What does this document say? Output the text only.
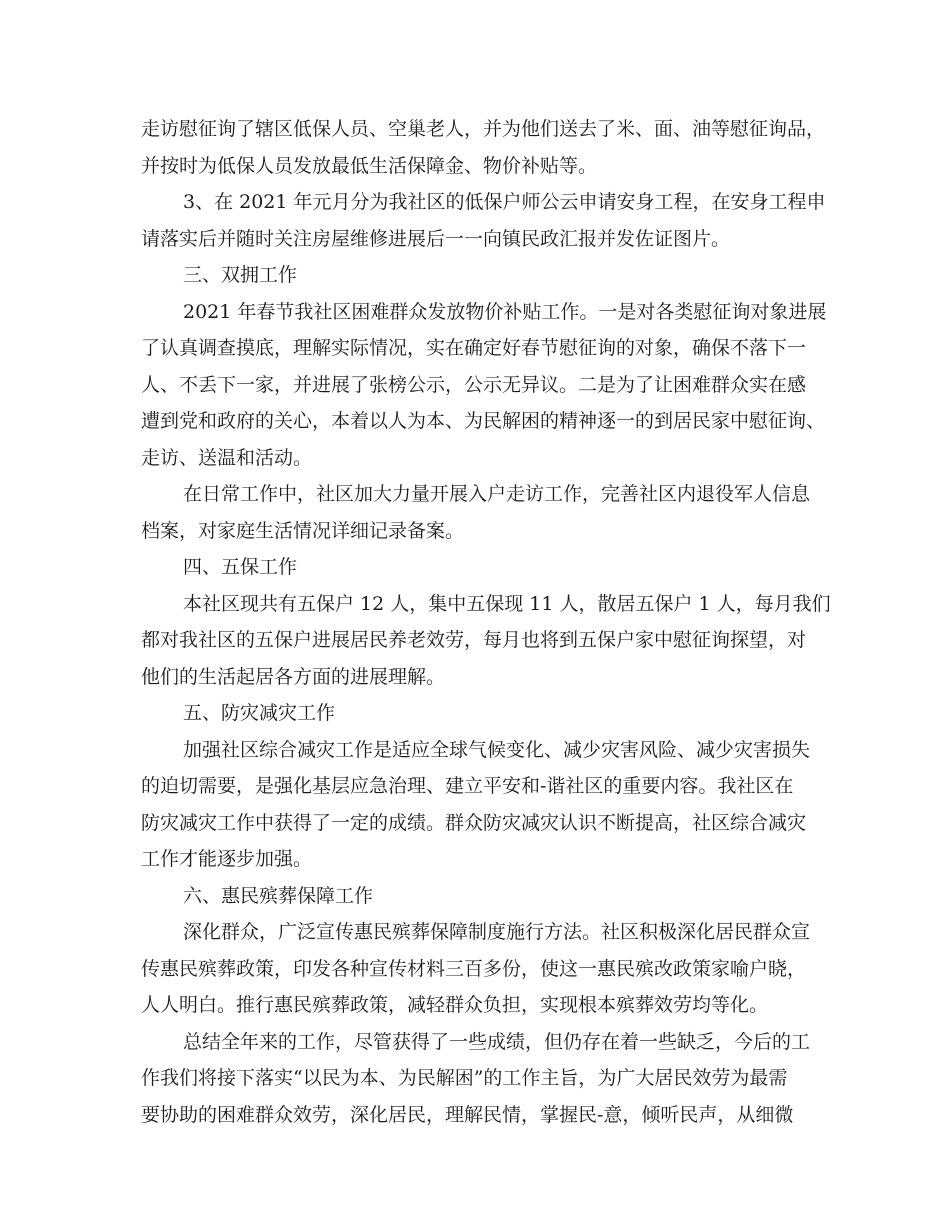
走访慰征询了辖区低保人员、空巢老人，并为他们送去了米、面、油等慰征询品，
并按时为低保人员发放最低生活保障金、物价补贴等。
3、在 2021 年元月分为我社区的低保户师公云申请安身工程，在安身工程申
请落实后并随时关注房屋维修进展后一一向镇民政汇报并发佐证图片。
三、双拥工作
2021 年春节我社区困难群众发放物价补贴工作。一是对各类慰征询对象进展
了认真调查摸底，理解实际情况，实在确定好春节慰征询的对象，确保不落下一
人、不丢下一家，并进展了张榜公示，公示无异议。二是为了让困难群众实在感
遭到党和政府的关心，本着以人为本、为民解困的精神逐一的到居民家中慰征询、
走访、送温和活动。
在日常工作中，社区加大力量开展入户走访工作，完善社区内退役军人信息
档案，对家庭生活情况详细记录备案。
四、五保工作
本社区现共有五保户 12 人，集中五保现 11 人，散居五保户 1 人，每月我们
都对我社区的五保户进展居民养老效劳，每月也将到五保户家中慰征询探望，对
他们的生活起居各方面的进展理解。
五、防灾减灾工作
加强社区综合减灾工作是适应全球气候变化、减少灾害风险、减少灾害损失
的迫切需要，是强化基层应急治理、建立平安和-谐社区的重要内容。我社区在
防灾减灾工作中获得了一定的成绩。群众防灾减灾认识不断提高，社区综合减灾
工作才能逐步加强。
六、惠民殡葬保障工作
深化群众，广泛宣传惠民殡葬保障制度施行方法。社区积极深化居民群众宣
传惠民殡葬政策，印发各种宣传材料三百多份，使这一惠民殡改政策家喻户晓，
人人明白。推行惠民殡葬政策，减轻群众负担，实现根本殡葬效劳均等化。
总结全年来的工作，尽管获得了一些成绩，但仍存在着一些缺乏，今后的工
作我们将接下落实“以民为本、为民解困”的工作主旨，为广大居民效劳为最需
要协助的困难群众效劳，深化居民，理解民情，掌握民-意，倾听民声，从细微
